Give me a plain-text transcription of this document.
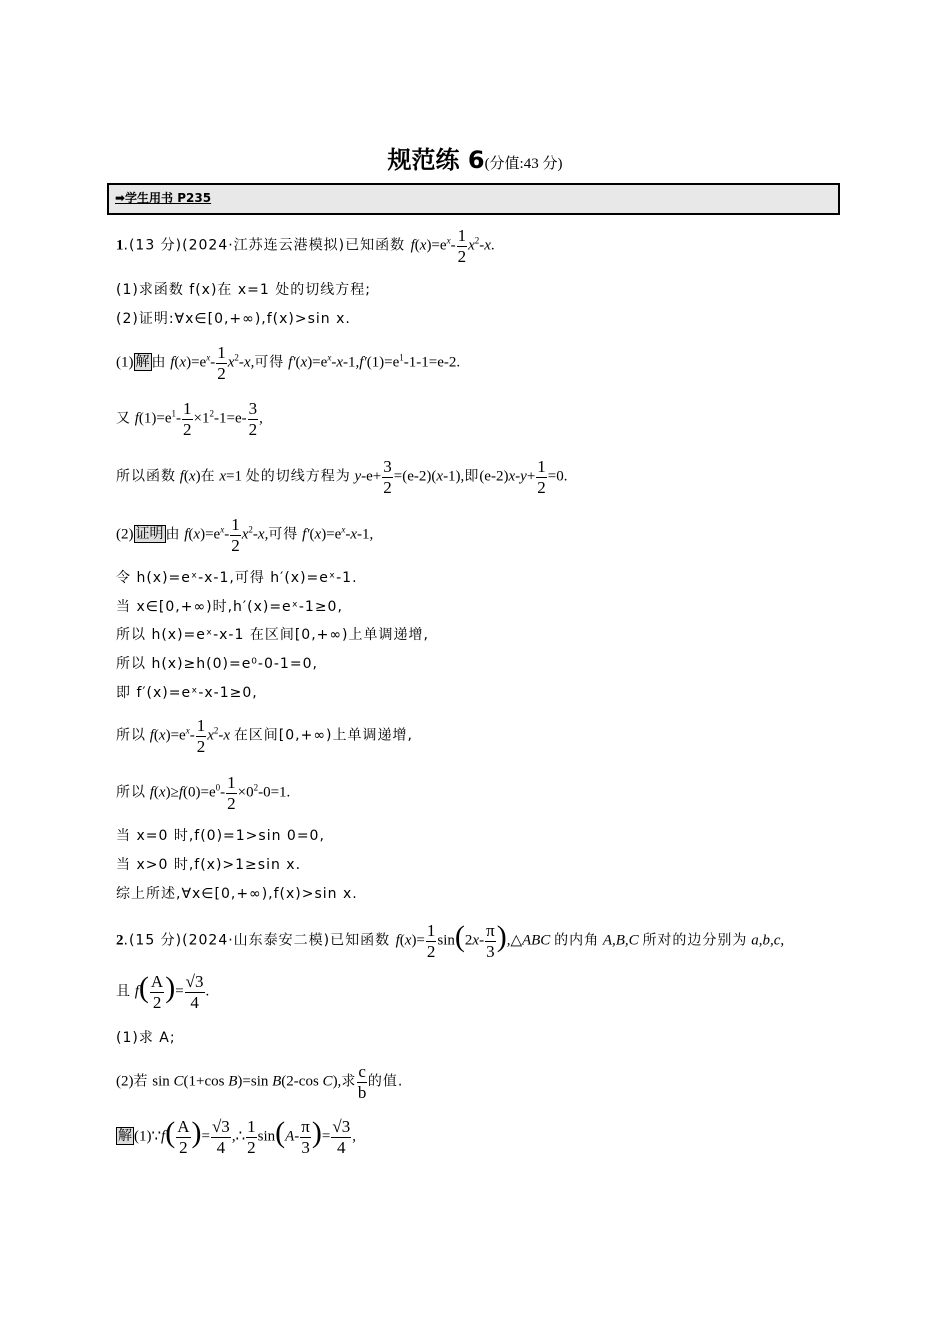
规范练 6(分值:43 分)
➡学生用书 P235
1.(13 分)(2024·江苏连云港模拟)已知函数 $f(x)=e^x- \frac{1}{2} x^2-x$.
(1)求函数 f(x)在 x=1 处的切线方程;
(2)证明:∀x∈[0,+∞),f(x)>sin x.
(1) 解 由 $f(x)=e^x- \frac{1}{2} x^2-x$,可得 $f'(x)=e^x-x-1,f'(1)=e^1-1-1=e-2$.
又 $f(1)=e^1- \frac{1}{2} \times 1^2-1=e- \frac{3}{2}$ ,
所以函数 f(x)在 x=1 处的切线方程为 $y-e+ \frac{3}{2} =(e-2)(x-1)$,即$(e-2)x-y+ \frac{1}{2} =0$.
(2) 证明 由 $f(x)=e^x- \frac{1}{2} x^2-x$,可得 $f'(x)=e^x-x-1$,
令 h(x)=eˣ-x-1,可得 h′(x)=eˣ-1.
当 x∈[0,+∞)时,h′(x)=eˣ-1≥0,
所以 h(x)=eˣ-x-1 在区间[0,+∞)上单调递增,
所以 h(x)≥h(0)=e⁰-0-1=0,
即 f′(x)=eˣ-x-1≥0,
所以 $f(x)=e^x- \frac{1}{2} x^2-x$ 在区间[0,+∞)上单调递增,
所以 $f(x)\ge f(0)=e^0- \frac{1}{2} \times 0^2-0=1$.
当 x=0 时,f(0)=1>sin 0=0,
当 x>0 时,f(x)>1≥sin x.
综上所述,∀x∈[0,+∞),f(x)>sin x.
2.(15 分)(2024·山东泰安二模)已知函数 $f(x)= \frac{1}{2} \sin(2x- \frac{\pi}{3}$ ),△ABC 的内角 A,B,C 所对的边分别为 a,b,c,
且 $f( \frac{A}{2}$ )= $\frac{√3}{4}$ .
(1)求 A;
(2)若 sin C(1+cos B)=sin B(2-cos C),求 $\frac{c}{b}$ 的值.
解 (1)∵f( $\frac{A}{2}$ )= $\frac{√3}{4}$ ,∴ $\frac{1}{2} \sin(A- \frac{\pi}{3}$ )= $\frac{√3}{4}$ ,
